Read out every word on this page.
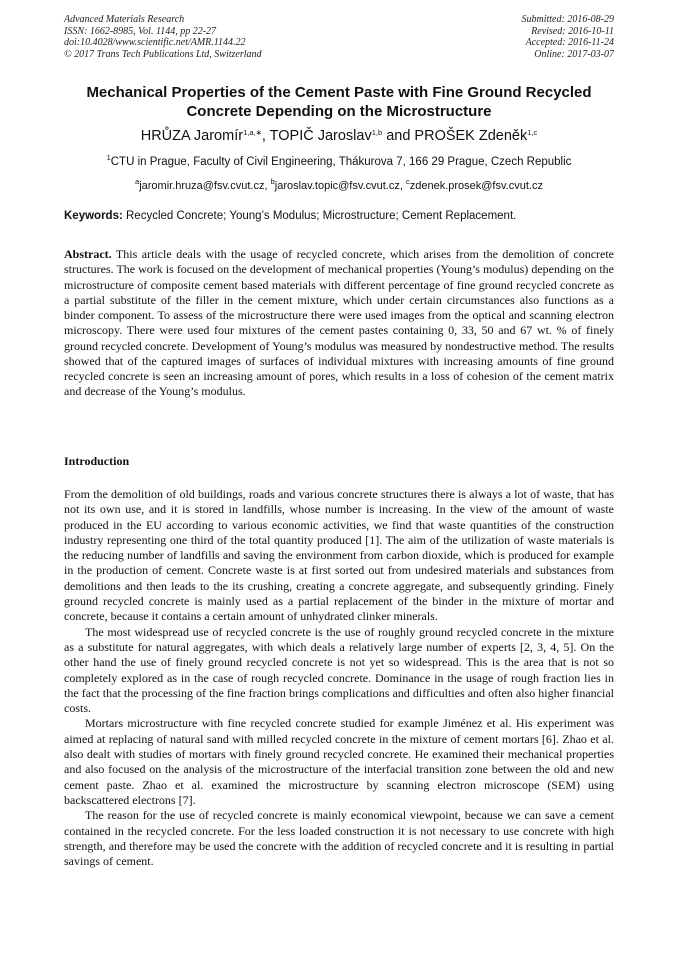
Advanced Materials Research
ISSN: 1662-8985, Vol. 1144, pp 22-27
doi:10.4028/www.scientific.net/AMR.1144.22
© 2017 Trans Tech Publications Ltd, Switzerland
Submitted: 2016-08-29
Revised: 2016-10-11
Accepted: 2016-11-24
Online: 2017-03-07
Mechanical Properties of the Cement Paste with Fine Ground Recycled
Concrete Depending on the Microstructure
HRŮZA Jaromír$^{1,a,∗}$, TOPIČ Jaroslav$^{1,b}$ and PROŠEK Zdeněk$^{1,c}$
$^1$CTU in Prague, Faculty of Civil Engineering, Thákurova 7, 166 29 Prague, Czech Republic
$^a$jaromir.hruza@fsv.cvut.cz, $^b$jaroslav.topic@fsv.cvut.cz, $^c$zdenek.prosek@fsv.cvut.cz
Keywords: Recycled Concrete; Young’s Modulus; Microstructure; Cement Replacement.
Abstract. This article deals with the usage of recycled concrete, which arises from the demolition of concrete structures. The work is focused on the development of mechanical properties (Young’s modulus) depending on the microstructure of composite cement based materials with different percentage of fine ground recycled concrete as a partial substitute of the filler in the cement mixture, which under certain circumstances also functions as a binder component. To assess of the microstructure there were used images from the optical and scanning electron microscopy. There were used four mixtures of the cement pastes containing 0, 33, 50 and 67 wt. % of finely ground recycled concrete. Development of Young’s modulus was measured by nondestructive method. The results showed that of the captured images of surfaces of individual mixtures with increasing amounts of fine ground recycled concrete is seen an increasing amount of pores, which results in a loss of cohesion of the cement matrix and decrease of the Young’s modulus.
Introduction

From the demolition of old buildings, roads and various concrete structures there is always a lot of waste, that has not its own use, and it is stored in landfills, whose number is increasing. In the view of the amount of waste produced in the EU according to various economic activities, we find that waste quantities of the construction industry representing one third of the total quantity produced [1]. The aim of the utilization of waste materials is the reducing number of landfills and saving the environment from carbon dioxide, which is produced for example in the production of cement. Concrete waste is at first sorted out from undesired materials and substances from demolitions and then leads to the its crushing, creating a concrete aggregate, and subsequently grinding. Finely ground recycled concrete is mainly used as a partial replacement of the binder in the mixture of mortar and concrete, because it contains a certain amount of unhydrated clinker minerals.

The most widespread use of recycled concrete is the use of roughly ground recycled concrete in the mixture as a substitute for natural aggregates, with which deals a relatively large number of experts [2, 3, 4, 5]. On the other hand the use of finely ground recycled concrete is not yet so widespread. This is the area that is not so completely explored as in the case of rough recycled concrete. Dominance in the usage of rough fraction lies in the fact that the processing of the fine fraction brings complications and difficulties and often also higher financial costs.

Mortars microstructure with fine recycled concrete studied for example Jiménez et al. His experiment was aimed at replacing of natural sand with milled recycled concrete in the mixture of cement mortars [6]. Zhao et al. also dealt with studies of mortars with finely ground recycled concrete. He examined their mechanical properties and also focused on the analysis of the microstructure of the interfacial transition zone between the old and new cement paste. Zhao et al. examined the microstructure by scanning electron microscope (SEM) using backscattered electrons [7].

The reason for the use of recycled concrete is mainly economical viewpoint, because we can save a cement contained in the recycled concrete. For the less loaded construction it is not necessary to use concrete with high strength, and therefore may be used the concrete with the addition of recycled concrete and it is resulting in partial savings of cement.
